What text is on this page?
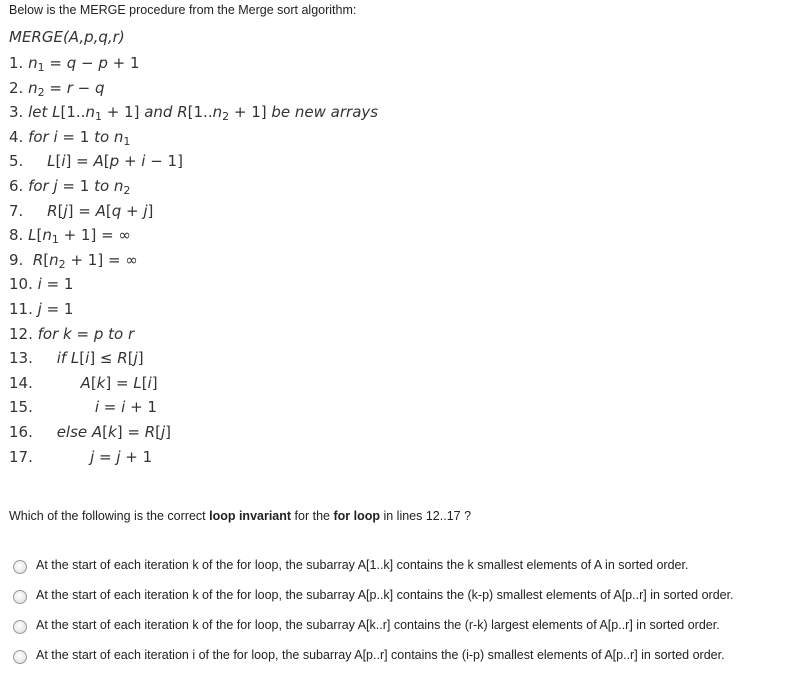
Below is the MERGE procedure from the Merge sort algorithm:
MERGE(A,p,q,r)
1. $n_1 = q - p + 1$
2. $n_2 = r - q$
3. let $L[1..n_1 + 1]$ and $R[1..n_2 + 1]$ be new arrays
4. for i = 1 to $n_1$
5. L[i] = A[p + i − 1]
6. for j = 1 to $n_2$
7. R[j] = A[q + j]
8. $L[n_1 + 1]$ = ∞
9. $R[n_2 + 1]$ = ∞
10. i = 1
11. j = 1
12. for k = p to r
13. if L[i] ≤ R[j]
14.	A[k] = L[i]
15.	i = i + 1
16. else A[k] = R[j]
17.	j = j + 1
Which of the following is the correct loop invariant for the for loop in lines 12..17 ?
At the start of each iteration k of the for loop, the subarray A[1..k] contains the k smallest elements of A in sorted order.
At the start of each iteration k of the for loop, the subarray A[p..k] contains the (k-p) smallest elements of A[p..r] in sorted order.
At the start of each iteration k of the for loop, the subarray A[k..r] contains the (r-k) largest elements of A[p..r] in sorted order.
At the start of each iteration i of the for loop, the subarray A[p..r] contains the (i-p) smallest elements of A[p..r] in sorted order.
